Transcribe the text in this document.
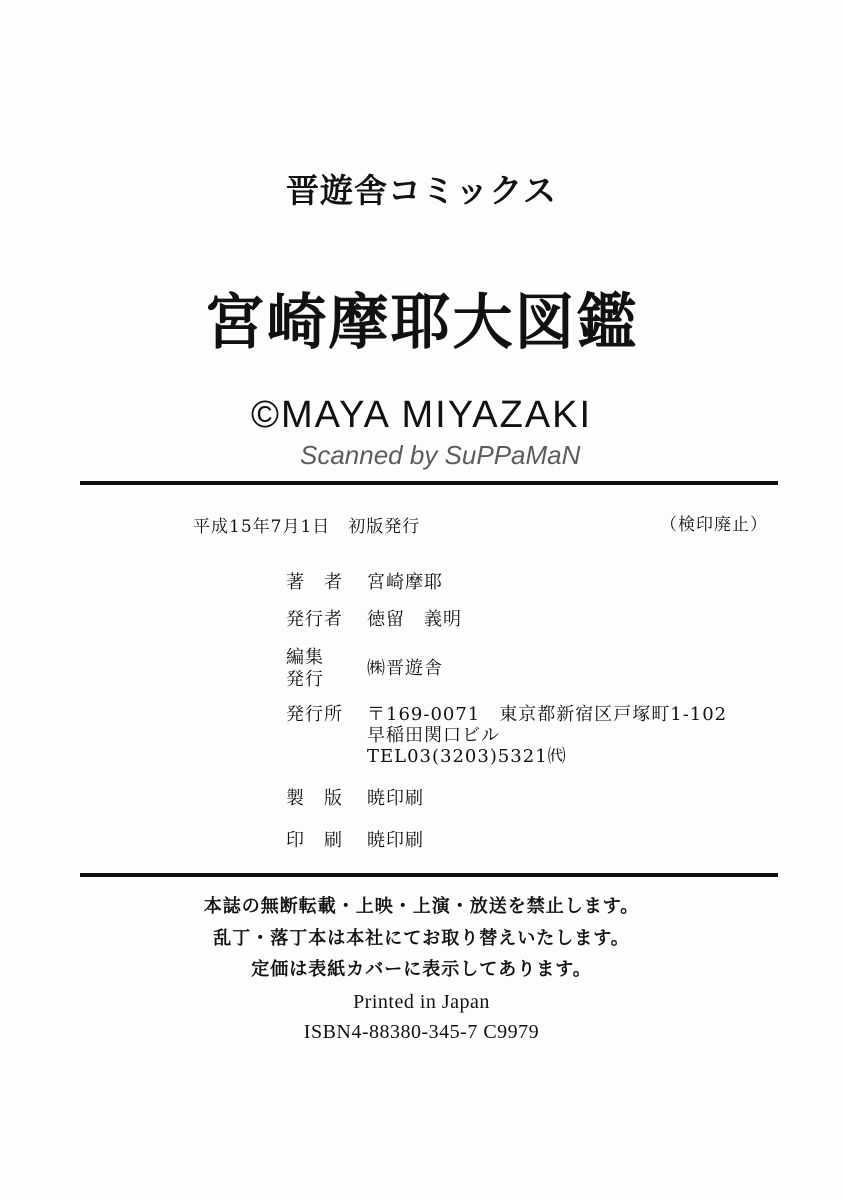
晋遊舎コミックス
宮崎摩耶大図鑑
©MAYA MIYAZAKI
Scanned by SuPPaMaN
平成15年7月1日　初版発行	（検印廃止）
著　者 宮崎摩耶
発行者 徳留　義明
編集
発行
㈱晋遊舎
発行所 〒169-0071　東京都新宿区戸塚町1-102
早稲田関口ビル
TEL03(3203)5321㈹
製　版 暁印刷
印　刷 暁印刷
本誌の無断転載・上映・上演・放送を禁止します。
乱丁・落丁本は本社にてお取り替えいたします。
定価は表紙カバーに表示してあります。
Printed in Japan
ISBN4-88380-345-7 C9979
